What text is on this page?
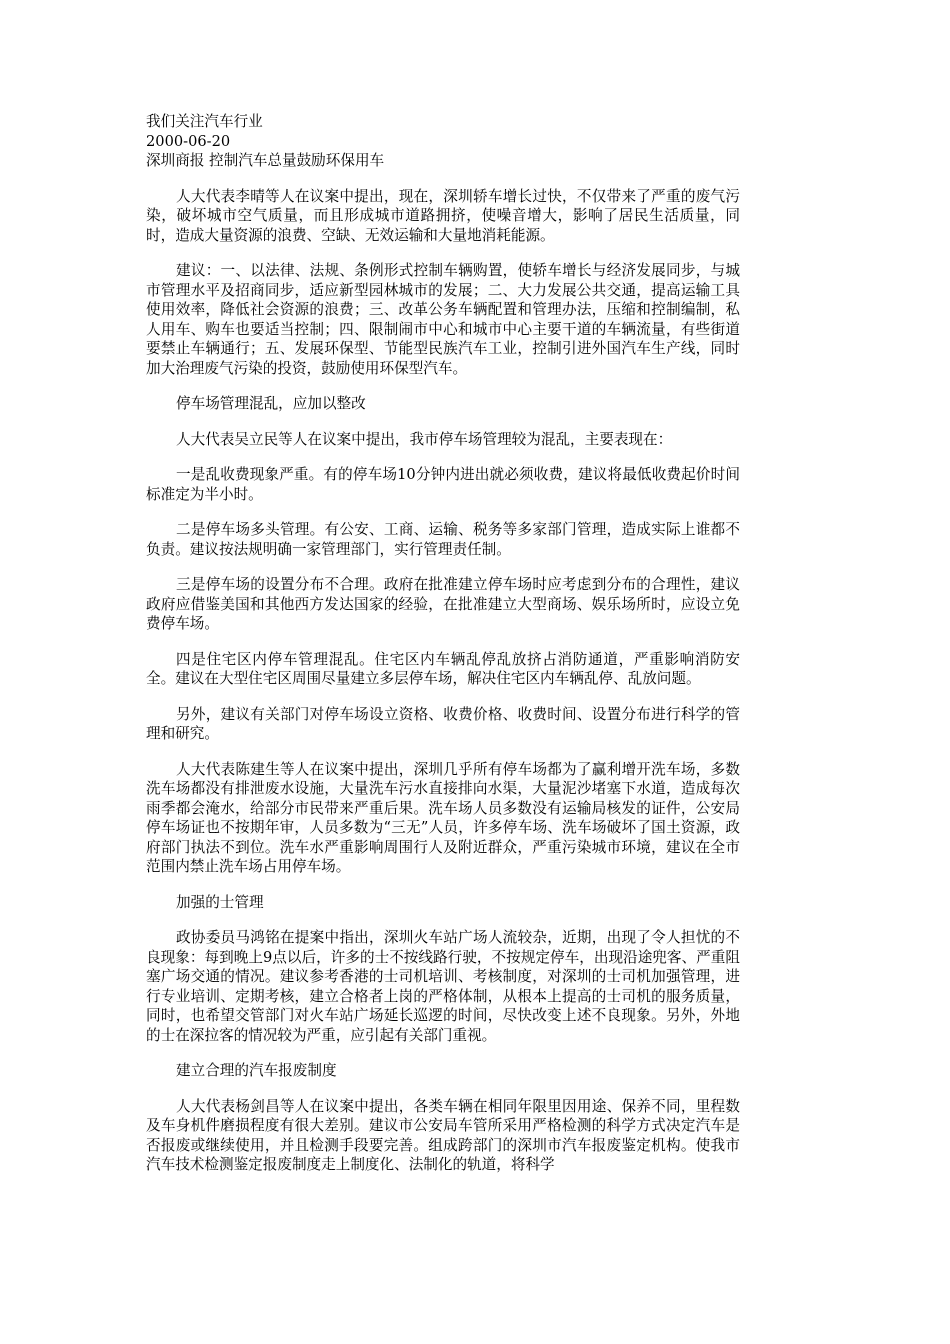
我们关注汽车行业
2000-06-20
深圳商报 控制汽车总量鼓励环保用车

人大代表李晴等人在议案中提出，现在，深圳轿车增长过快，不仅带来了严重的废气污染，破坏城市空气质量，而且形成城市道路拥挤，使噪音增大，影响了居民生活质量，同时，造成大量资源的浪费、空缺、无效运输和大量地消耗能源。

建议：一、以法律、法规、条例形式控制车辆购置，使轿车增长与经济发展同步，与城市管理水平及招商同步，适应新型园林城市的发展；二、大力发展公共交通，提高运输工具使用效率，降低社会资源的浪费；三、改革公务车辆配置和管理办法，压缩和控制编制，私人用车、购车也要适当控制；四、限制闹市中心和城市中心主要干道的车辆流量，有些街道要禁止车辆通行；五、发展环保型、节能型民族汽车工业，控制引进外国汽车生产线，同时加大治理废气污染的投资，鼓励使用环保型汽车。

停车场管理混乱，应加以整改

人大代表吴立民等人在议案中提出，我市停车场管理较为混乱，主要表现在：

一是乱收费现象严重。有的停车场10分钟内进出就必须收费，建议将最低收费起价时间标准定为半小时。

二是停车场多头管理。有公安、工商、运输、税务等多家部门管理，造成实际上谁都不负责。建议按法规明确一家管理部门，实行管理责任制。

三是停车场的设置分布不合理。政府在批准建立停车场时应考虑到分布的合理性，建议政府应借鉴美国和其他西方发达国家的经验，在批准建立大型商场、娱乐场所时，应设立免费停车场。

四是住宅区内停车管理混乱。住宅区内车辆乱停乱放挤占消防通道，严重影响消防安全。建议在大型住宅区周围尽量建立多层停车场，解决住宅区内车辆乱停、乱放问题。

另外，建议有关部门对停车场设立资格、收费价格、收费时间、设置分布进行科学的管理和研究。

人大代表陈建生等人在议案中提出，深圳几乎所有停车场都为了赢利增开洗车场，多数洗车场都没有排泄废水设施，大量洗车污水直接排向水渠，大量泥沙堵塞下水道，造成每次雨季都会淹水，给部分市民带来严重后果。洗车场人员多数没有运输局核发的证件，公安局停车场证也不按期年审，人员多数为“三无”人员，许多停车场、洗车场破坏了国土资源，政府部门执法不到位。洗车水严重影响周围行人及附近群众，严重污染城市环境，建议在全市范围内禁止洗车场占用停车场。

加强的士管理

政协委员马鸿铭在提案中指出，深圳火车站广场人流较杂，近期，出现了令人担忧的不良现象：每到晚上9点以后，许多的士不按线路行驶，不按规定停车，出现沿途兜客、严重阻塞广场交通的情况。建议参考香港的士司机培训、考核制度，对深圳的士司机加强管理，进行专业培训、定期考核，建立合格者上岗的严格体制，从根本上提高的士司机的服务质量，同时，也希望交管部门对火车站广场延长巡逻的时间，尽快改变上述不良现象。另外，外地的士在深拉客的情况较为严重，应引起有关部门重视。

建立合理的汽车报废制度

人大代表杨剑昌等人在议案中提出，各类车辆在相同年限里因用途、保养不同，里程数及车身机件磨损程度有很大差别。建议市公安局车管所采用严格检测的科学方式决定汽车是否报废或继续使用，并且检测手段要完善。组成跨部门的深圳市汽车报废鉴定机构。使我市汽车技术检测鉴定报废制度走上制度化、法制化的轨道，将科学
